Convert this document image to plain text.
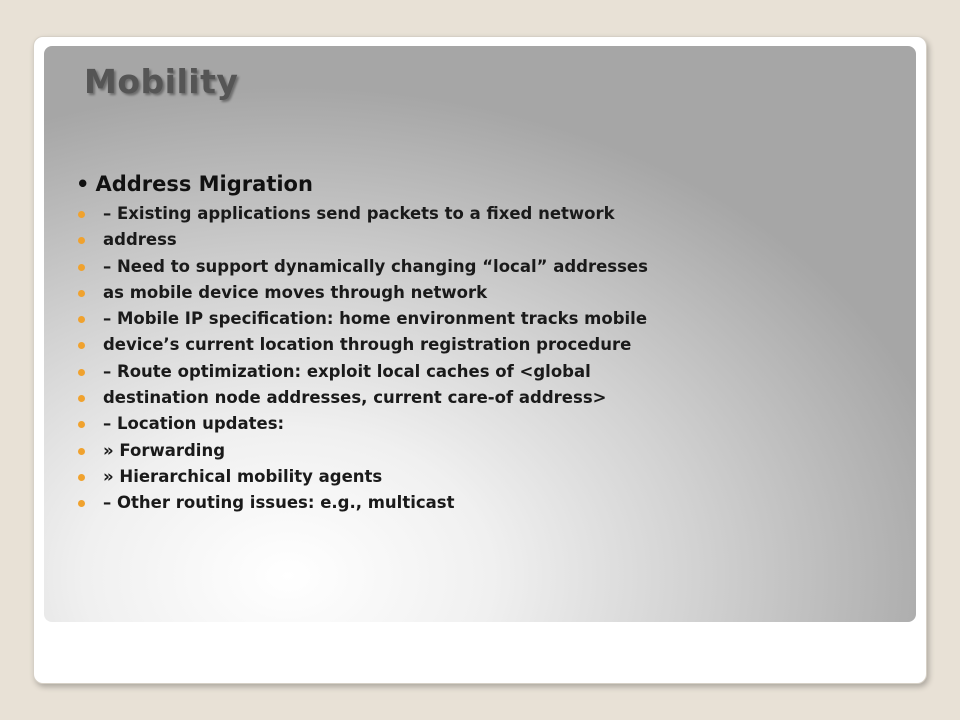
Mobility
• Address Migration
– Existing applications send packets to a fixed network
address
– Need to support dynamically changing “local” addresses
as mobile device moves through network
– Mobile IP specification: home environment tracks mobile
device’s current location through registration procedure
– Route optimization: exploit local caches of <global
destination node addresses, current care-of address>
– Location updates:
» Forwarding
» Hierarchical mobility agents
– Other routing issues: e.g., multicast
